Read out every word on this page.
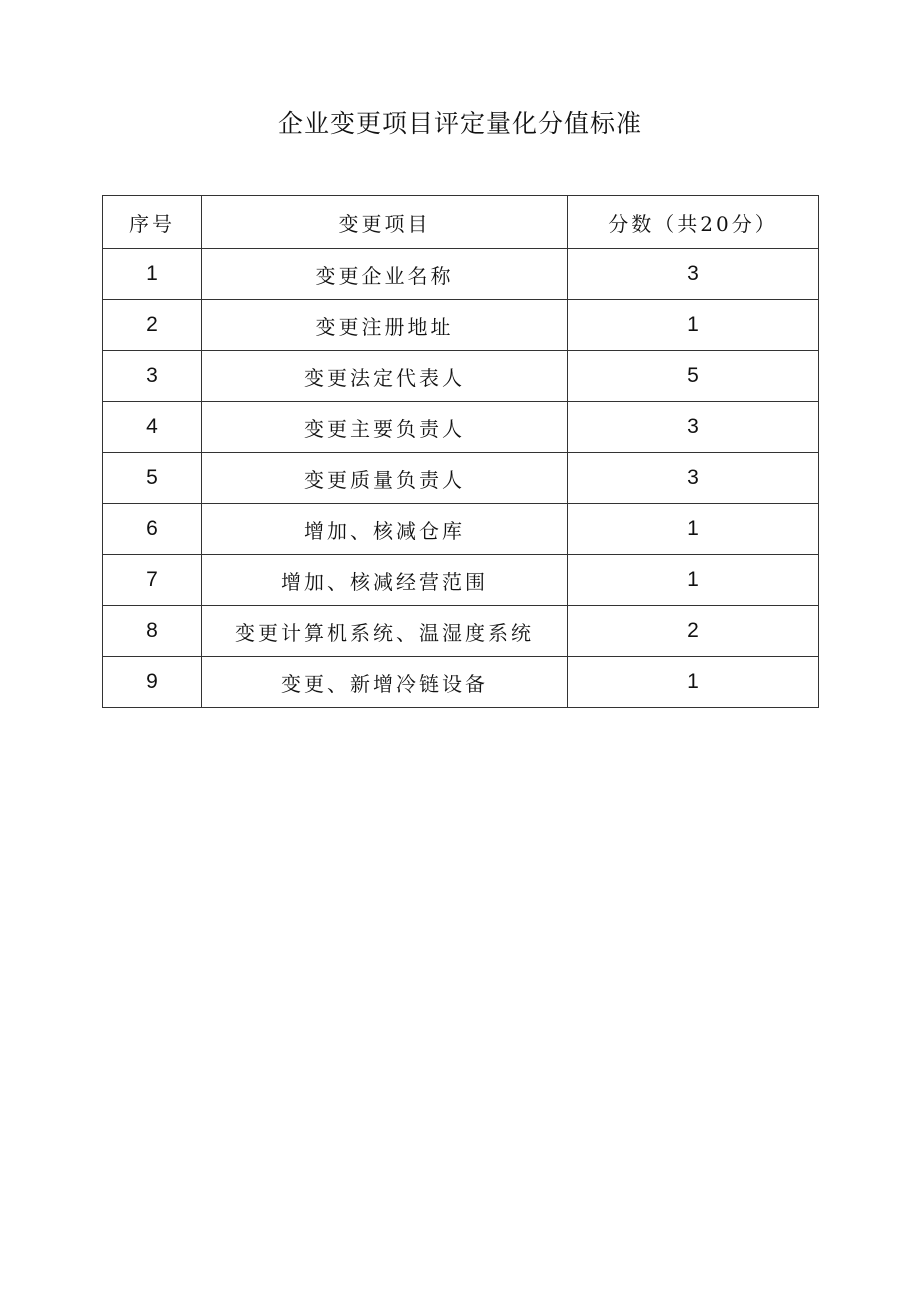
企业变更项目评定量化分值标准
序号	变更项目	分数（共20分）
1	变更企业名称	3
2	变更注册地址	1
3	变更法定代表人	5
4	变更主要负责人	3
5	变更质量负责人	3
6	增加、核减仓库	1
7	增加、核减经营范围	1
8	变更计算机系统、温湿度系统	2
9	变更、新增冷链设备	1
